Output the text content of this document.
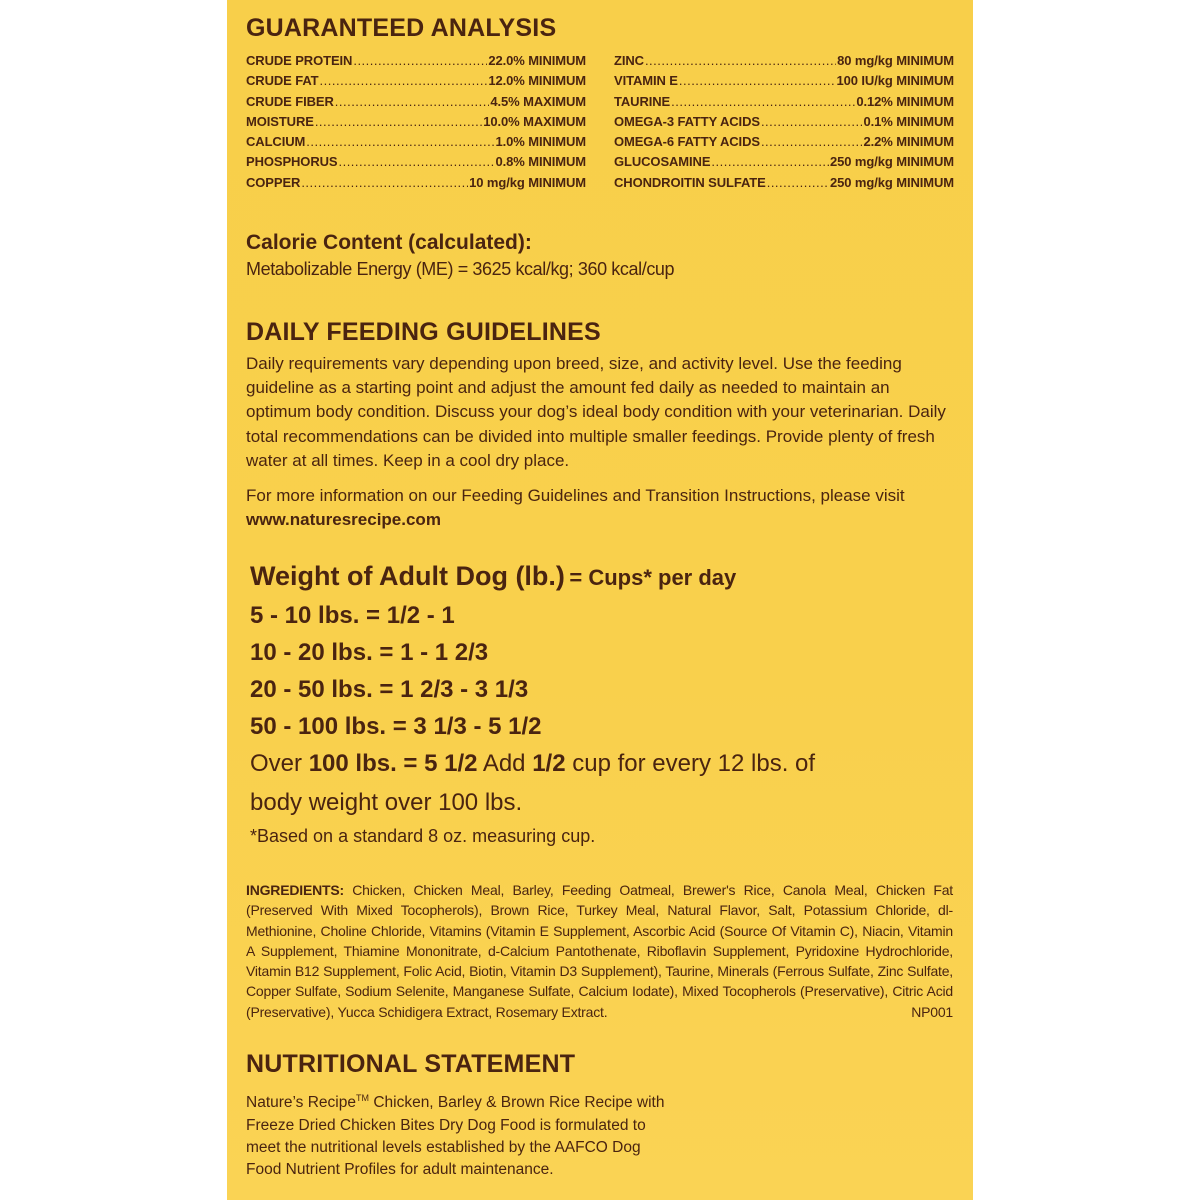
GUARANTEED ANALYSIS
CRUDE PROTEIN .....	22.0% MINIMUM
CRUDE FAT .....	12.0% MINIMUM
CRUDE FIBER .....	4.5% MAXIMUM
MOISTURE .....	10.0% MAXIMUM
CALCIUM .....	1.0% MINIMUM
PHOSPHORUS .....	0.8% MINIMUM
COPPER .....	10 mg/kg MINIMUM
ZINC .....	80 mg/kg MINIMUM
VITAMIN E .....	100 IU/kg MINIMUM
TAURINE .....	0.12% MINIMUM
OMEGA-3 FATTY ACIDS .....	0.1% MINIMUM
OMEGA-6 FATTY ACIDS .....	2.2% MINIMUM
GLUCOSAMINE .....	250 mg/kg MINIMUM
CHONDROITIN SULFATE .....	250 mg/kg MINIMUM
Calorie Content (calculated):
Metabolizable Energy (ME) = 3625 kcal/kg; 360 kcal/cup
DAILY FEEDING GUIDELINES

Daily requirements vary depending upon breed, size, and activity level. Use the feeding guideline as a starting point and adjust the amount fed daily as needed to maintain an optimum body condition. Discuss your dog’s ideal body condition with your veterinarian. Daily total recommendations can be divided into multiple smaller feedings. Provide plenty of fresh water at all times. Keep in a cool dry place.

For more information on our Feeding Guidelines and Transition Instructions, please visit www.naturesrecipe.com

Weight of Adult Dog (lb.) = Cups* per day
5 - 10 lbs. = 1/2 - 1
10 - 20 lbs. = 1 - 1 2/3
20 - 50 lbs. = 1 2/3 - 3 1/3
50 - 100 lbs. = 3 1/3 - 5 1/2
Over 100 lbs. = 5 1/2 Add 1/2 cup for every 12 lbs. of
body weight over 100 lbs.
*Based on a standard 8 oz. measuring cup.

INGREDIENTS: Chicken, Chicken Meal, Barley, Feeding Oatmeal, Brewer's Rice, Canola Meal, Chicken Fat (Preserved With Mixed Tocopherols), Brown Rice, Turkey Meal, Natural Flavor, Salt, Potassium Chloride, dl-Methionine, Choline Chloride, Vitamins (Vitamin E Supplement, Ascorbic Acid (Source Of Vitamin C), Niacin, Vitamin A Supplement, Thiamine Mononitrate, d-Calcium Pantothenate, Riboflavin Supplement, Pyridoxine Hydrochloride, Vitamin B12 Supplement, Folic Acid, Biotin, Vitamin D3 Supplement), Taurine, Minerals (Ferrous Sulfate, Zinc Sulfate, Copper Sulfate, Sodium Selenite, Manganese Sulfate, Calcium Iodate), Mixed Tocopherols (Preservative), Citric Acid (Preservative), Yucca Schidigera Extract, Rosemary Extract.	NP001

NUTRITIONAL STATEMENT

Nature’s Recipe™ Chicken, Barley & Brown Rice Recipe with Freeze Dried Chicken Bites Dry Dog Food is formulated to meet the nutritional levels established by the AAFCO Dog Food Nutrient Profiles for adult maintenance.
